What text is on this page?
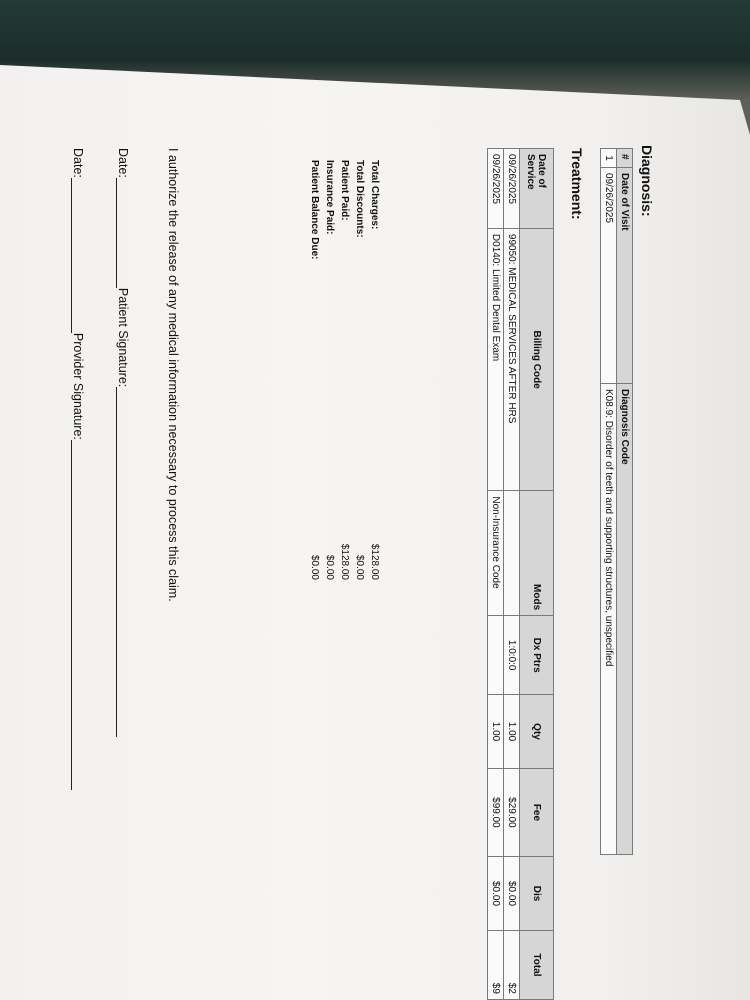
Diagnosis:
#	Date of Visit	Diagnosis Code
1	09/26/2025	K08.9: Disorder of teeth and supporting structures, unspecified
Treatment:
Date of Service	Billing Code	Mods	Dx Ptrs	Qty	Fee	Dis	Total
09/26/2025	99050: MEDICAL SERVICES AFTER HRS		1:0:0:0	1.00	$29.00	$0.00	$2
09/26/2025	D0140: Limited Dental Exam	Non-Insurance Code		1.00	$99.00	$0.00	$9
Total Charges:
$128.00
Total Discounts:
$0.00
Patient Paid:
$128.00
Insurance Paid:
$0.00
Patient Balance Due:
$0.00
I authorize the release of any medical information necessary to process this claim.
Date:
Patient Signature:
Date:
Provider Signature:
